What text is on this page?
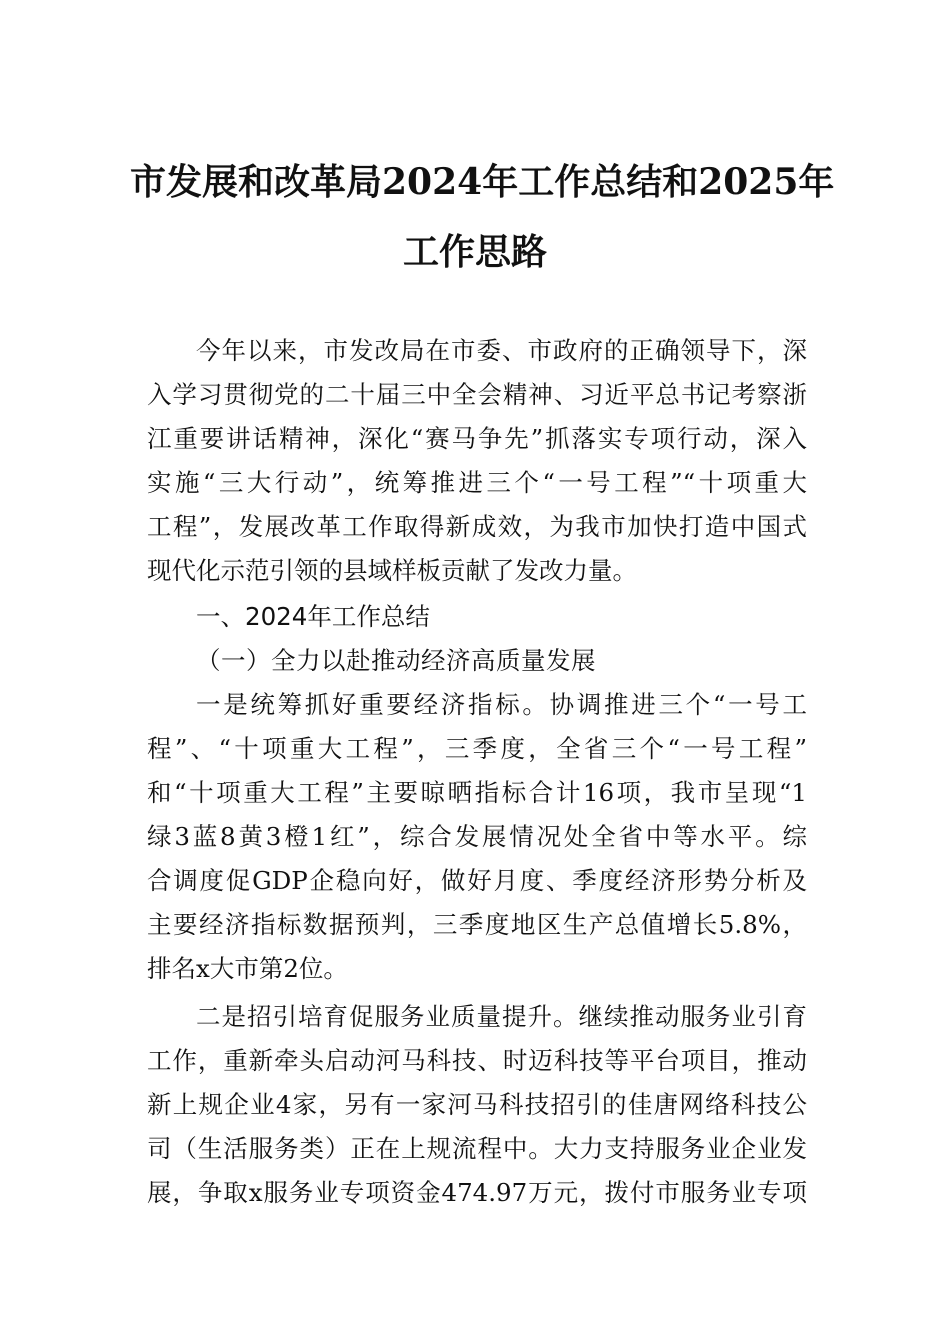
市发展和改革局2024年工作总结和2025年
工作思路
今年以来，市发改局在市委、市政府的正确领导下，深
入学习贯彻党的二十届三中全会精神、习近平总书记考察浙
江重要讲话精神，深化“赛马争先”抓落实专项行动，深入
实施“三大行动”，统筹推进三个“一号工程”“十项重大
工程”，发展改革工作取得新成效，为我市加快打造中国式
现代化示范引领的县域样板贡献了发改力量。
一、2024年工作总结
（一）全力以赴推动经济高质量发展
一是统筹抓好重要经济指标。协调推进三个“一号工
程”、“十项重大工程”，三季度，全省三个“一号工程”
和“十项重大工程”主要晾晒指标合计16项，我市呈现“1
绿3蓝8黄3橙1红”，综合发展情况处全省中等水平。综
合调度促GDP企稳向好，做好月度、季度经济形势分析及
主要经济指标数据预判，三季度地区生产总值增长5.8%，
排名x大市第2位。
二是招引培育促服务业质量提升。继续推动服务业引育
工作，重新牵头启动河马科技、时迈科技等平台项目，推动
新上规企业4家，另有一家河马科技招引的佳唐网络科技公
司（生活服务类）正在上规流程中。大力支持服务业企业发
展，争取x服务业专项资金474.97万元，拨付市服务业专项
